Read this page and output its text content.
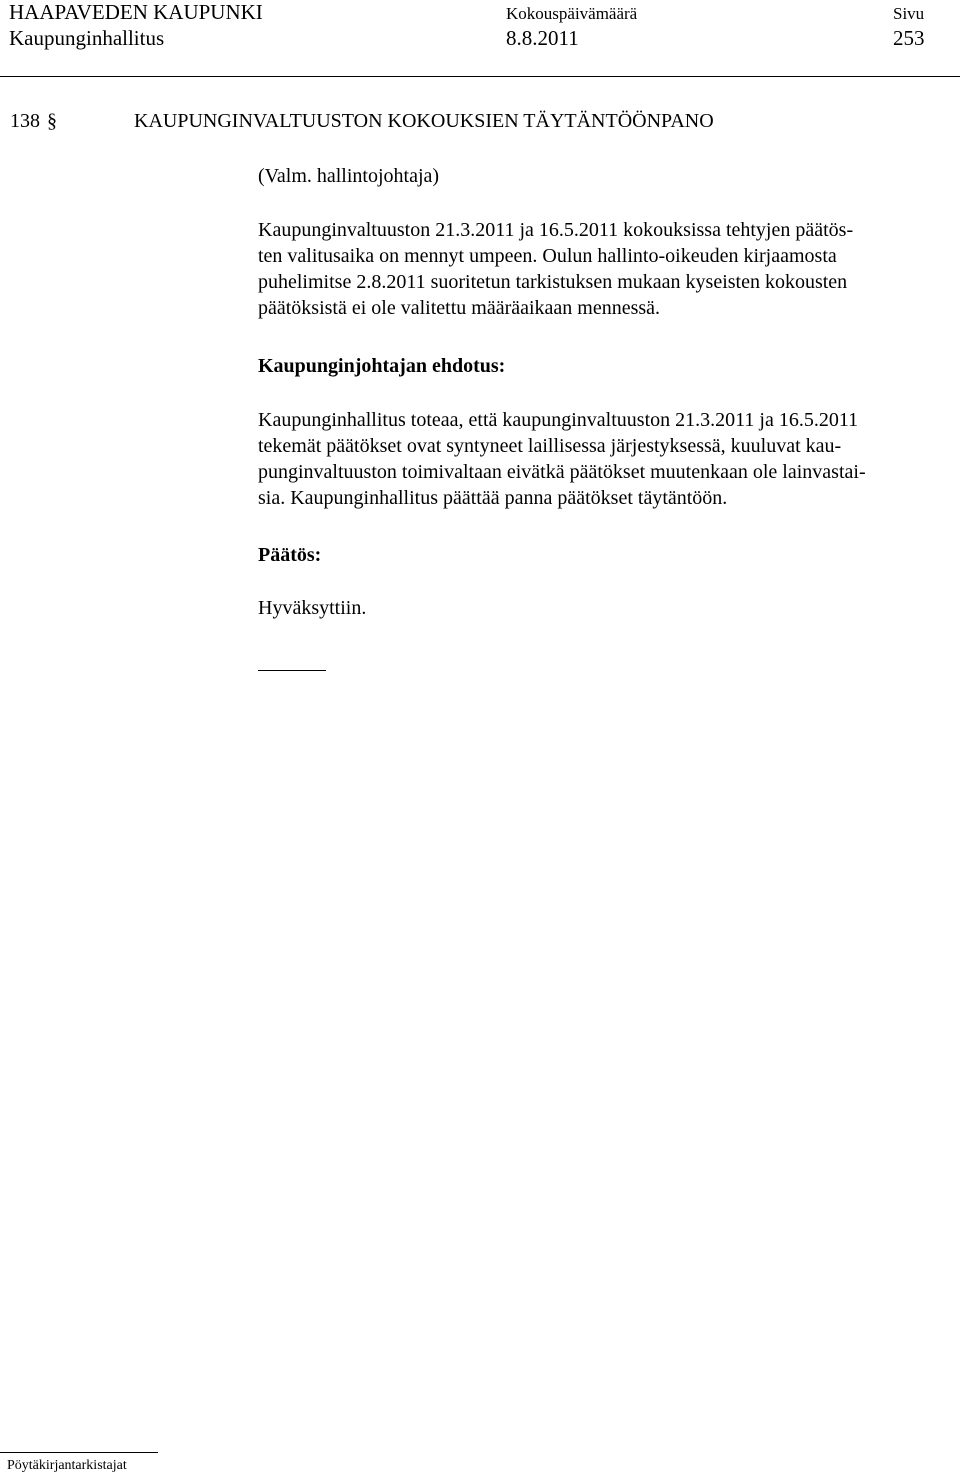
HAAPAVEDEN KAUPUNKI
Kaupunginhallitus
Kokouspäivämäärä
8.8.2011
Sivu
253
138 §	KAUPUNGINVALTUUSTON KOKOUKSIEN TÄYTÄNTÖÖNPANO
(Valm. hallintojohtaja)
Kaupunginvaltuuston 21.3.2011 ja 16.5.2011 kokouksissa tehtyjen päätös-
ten valitusaika on mennyt umpeen. Oulun hallinto-oikeuden kirjaamosta
puhelimitse 2.8.2011 suoritetun tarkistuksen mukaan kyseisten kokousten
päätöksistä ei ole valitettu määräaikaan mennessä.
Kaupunginjohtajan ehdotus:
Kaupunginhallitus toteaa, että kaupunginvaltuuston 21.3.2011 ja 16.5.2011
tekemät päätökset ovat syntyneet laillisessa järjestyksessä, kuuluvat kau-
punginvaltuuston toimivaltaan eivätkä päätökset muutenkaan ole lainvastai-
sia. Kaupunginhallitus päättää panna päätökset täytäntöön.
Päätös:
Hyväksyttiin.
Pöytäkirjantarkistajat
